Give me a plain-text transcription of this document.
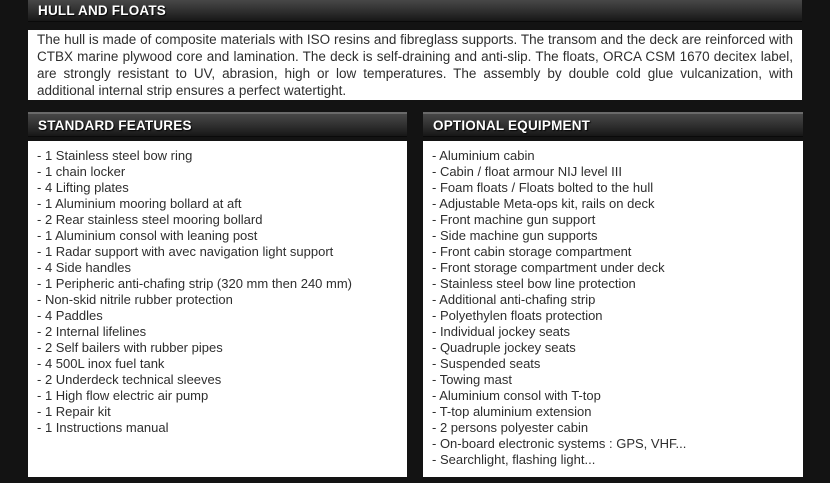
HULL AND FLOATS

The hull is made of composite materials with ISO resins and fibreglass supports. The transom and the deck are reinforced with CTBX marine plywood core and lamination. The deck is self-draining and anti-slip. The floats, ORCA CSM 1670 decitex label, are strongly resistant to UV, abrasion, high or low temperatures. The assembly by double cold glue vulcanization, with additional internal strip ensures a perfect watertight.

STANDARD FEATURES
- 1 Stainless steel bow ring
- 1 chain locker
- 4 Lifting plates
- 1 Aluminium mooring bollard at aft
- 2 Rear stainless steel mooring bollard
- 1 Aluminium consol with leaning post
- 1 Radar support with avec navigation light support
- 4 Side handles
- 1 Peripheric anti-chafing strip (320 mm then 240 mm)
- Non-skid nitrile rubber protection
- 4 Paddles
- 2 Internal lifelines
- 2 Self bailers with rubber pipes
- 4 500L inox fuel tank
- 2 Underdeck technical sleeves
- 1 High flow electric air pump
- 1 Repair kit
- 1 Instructions manual
OPTIONAL EQUIPMENT
- Aluminium cabin
- Cabin / float armour NIJ level III
- Foam floats / Floats bolted to the hull
- Adjustable Meta-ops kit, rails on deck
- Front machine gun support
- Side machine gun supports
- Front cabin storage compartment
- Front storage compartment under deck
- Stainless steel bow line protection
- Additional anti-chafing strip
- Polyethylen floats protection
- Individual jockey seats
- Quadruple jockey seats
- Suspended seats
- Towing mast
- Aluminium consol with T-top
- T-top aluminium extension
- 2 persons polyester cabin
- On-board electronic systems : GPS, VHF...
- Searchlight, flashing light...
